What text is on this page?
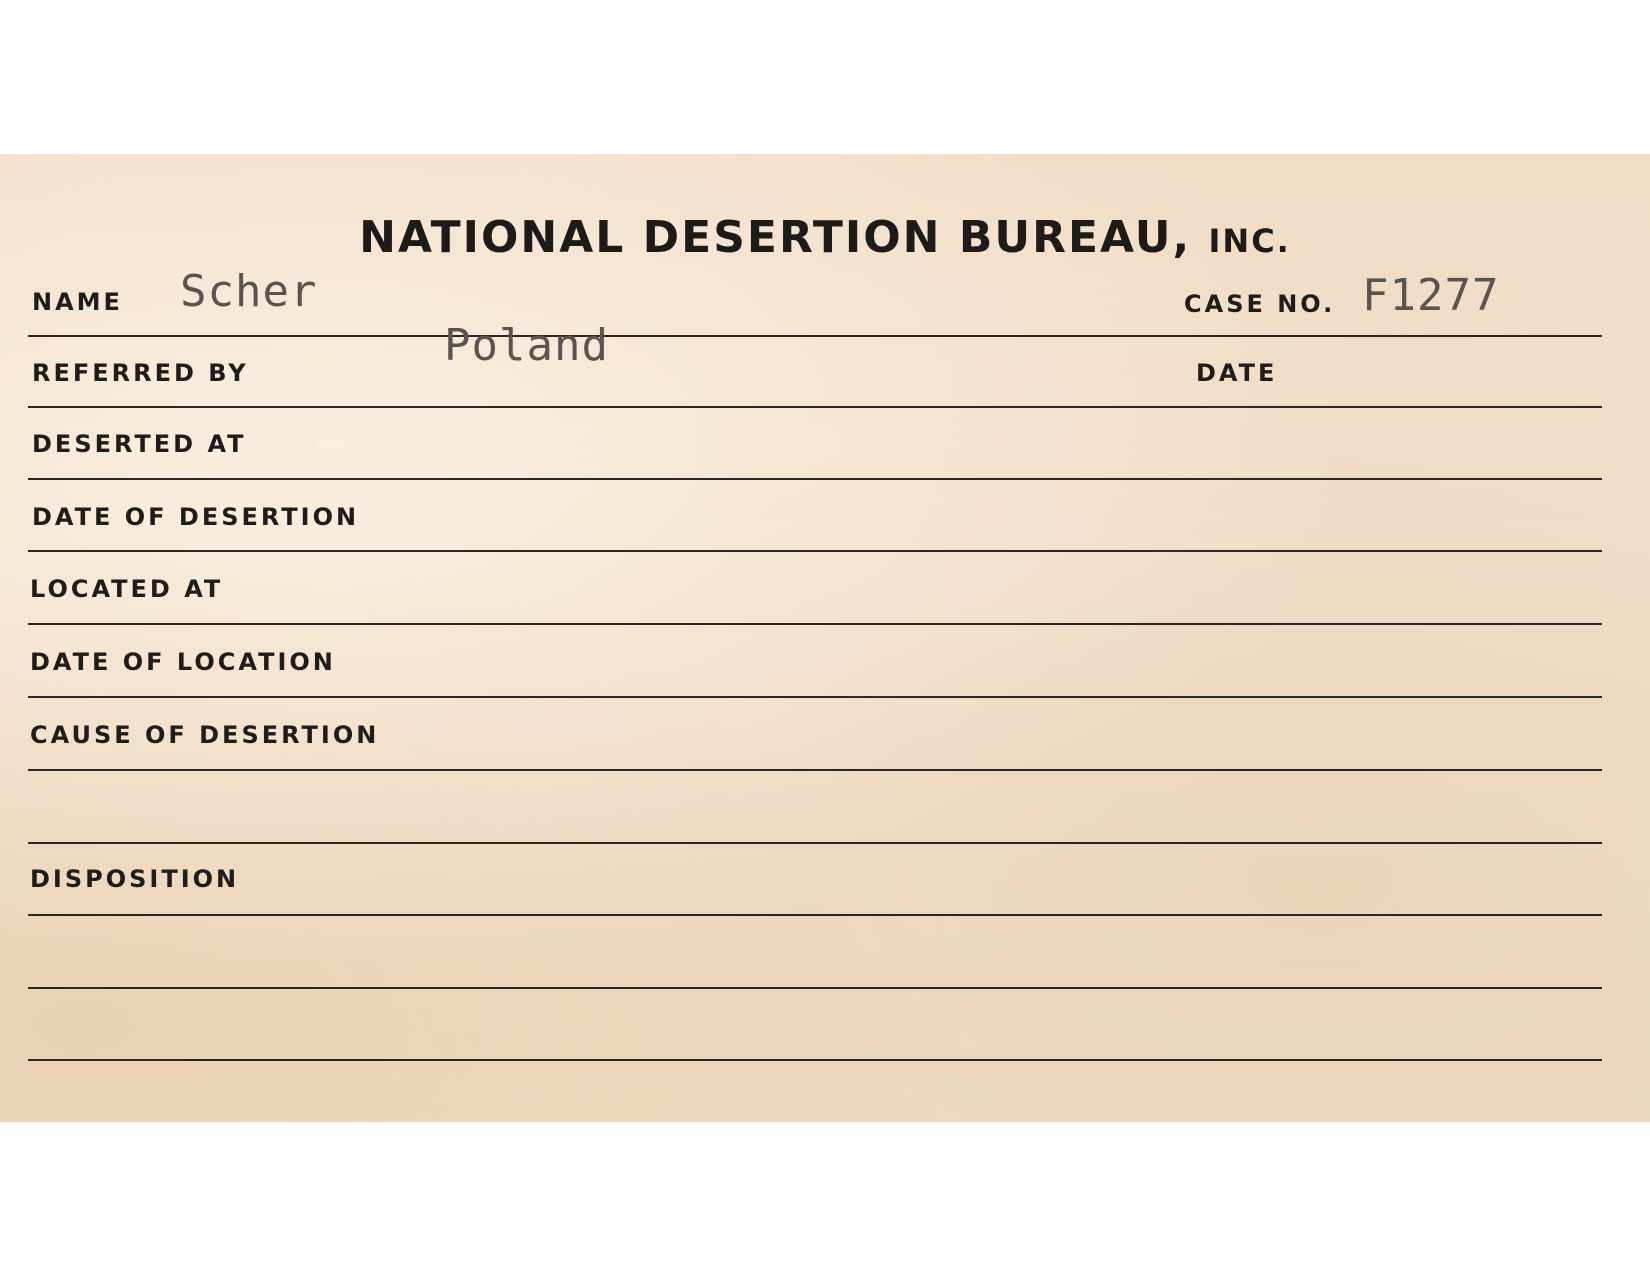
NATIONAL DESERTION BUREAU, INC.
NAME Scher	CASE NO. F1277
REFERRED BY
Poland
DATE
DESERTED AT
DATE OF DESERTION
LOCATED AT
DATE OF LOCATION
CAUSE OF DESERTION
DISPOSITION
